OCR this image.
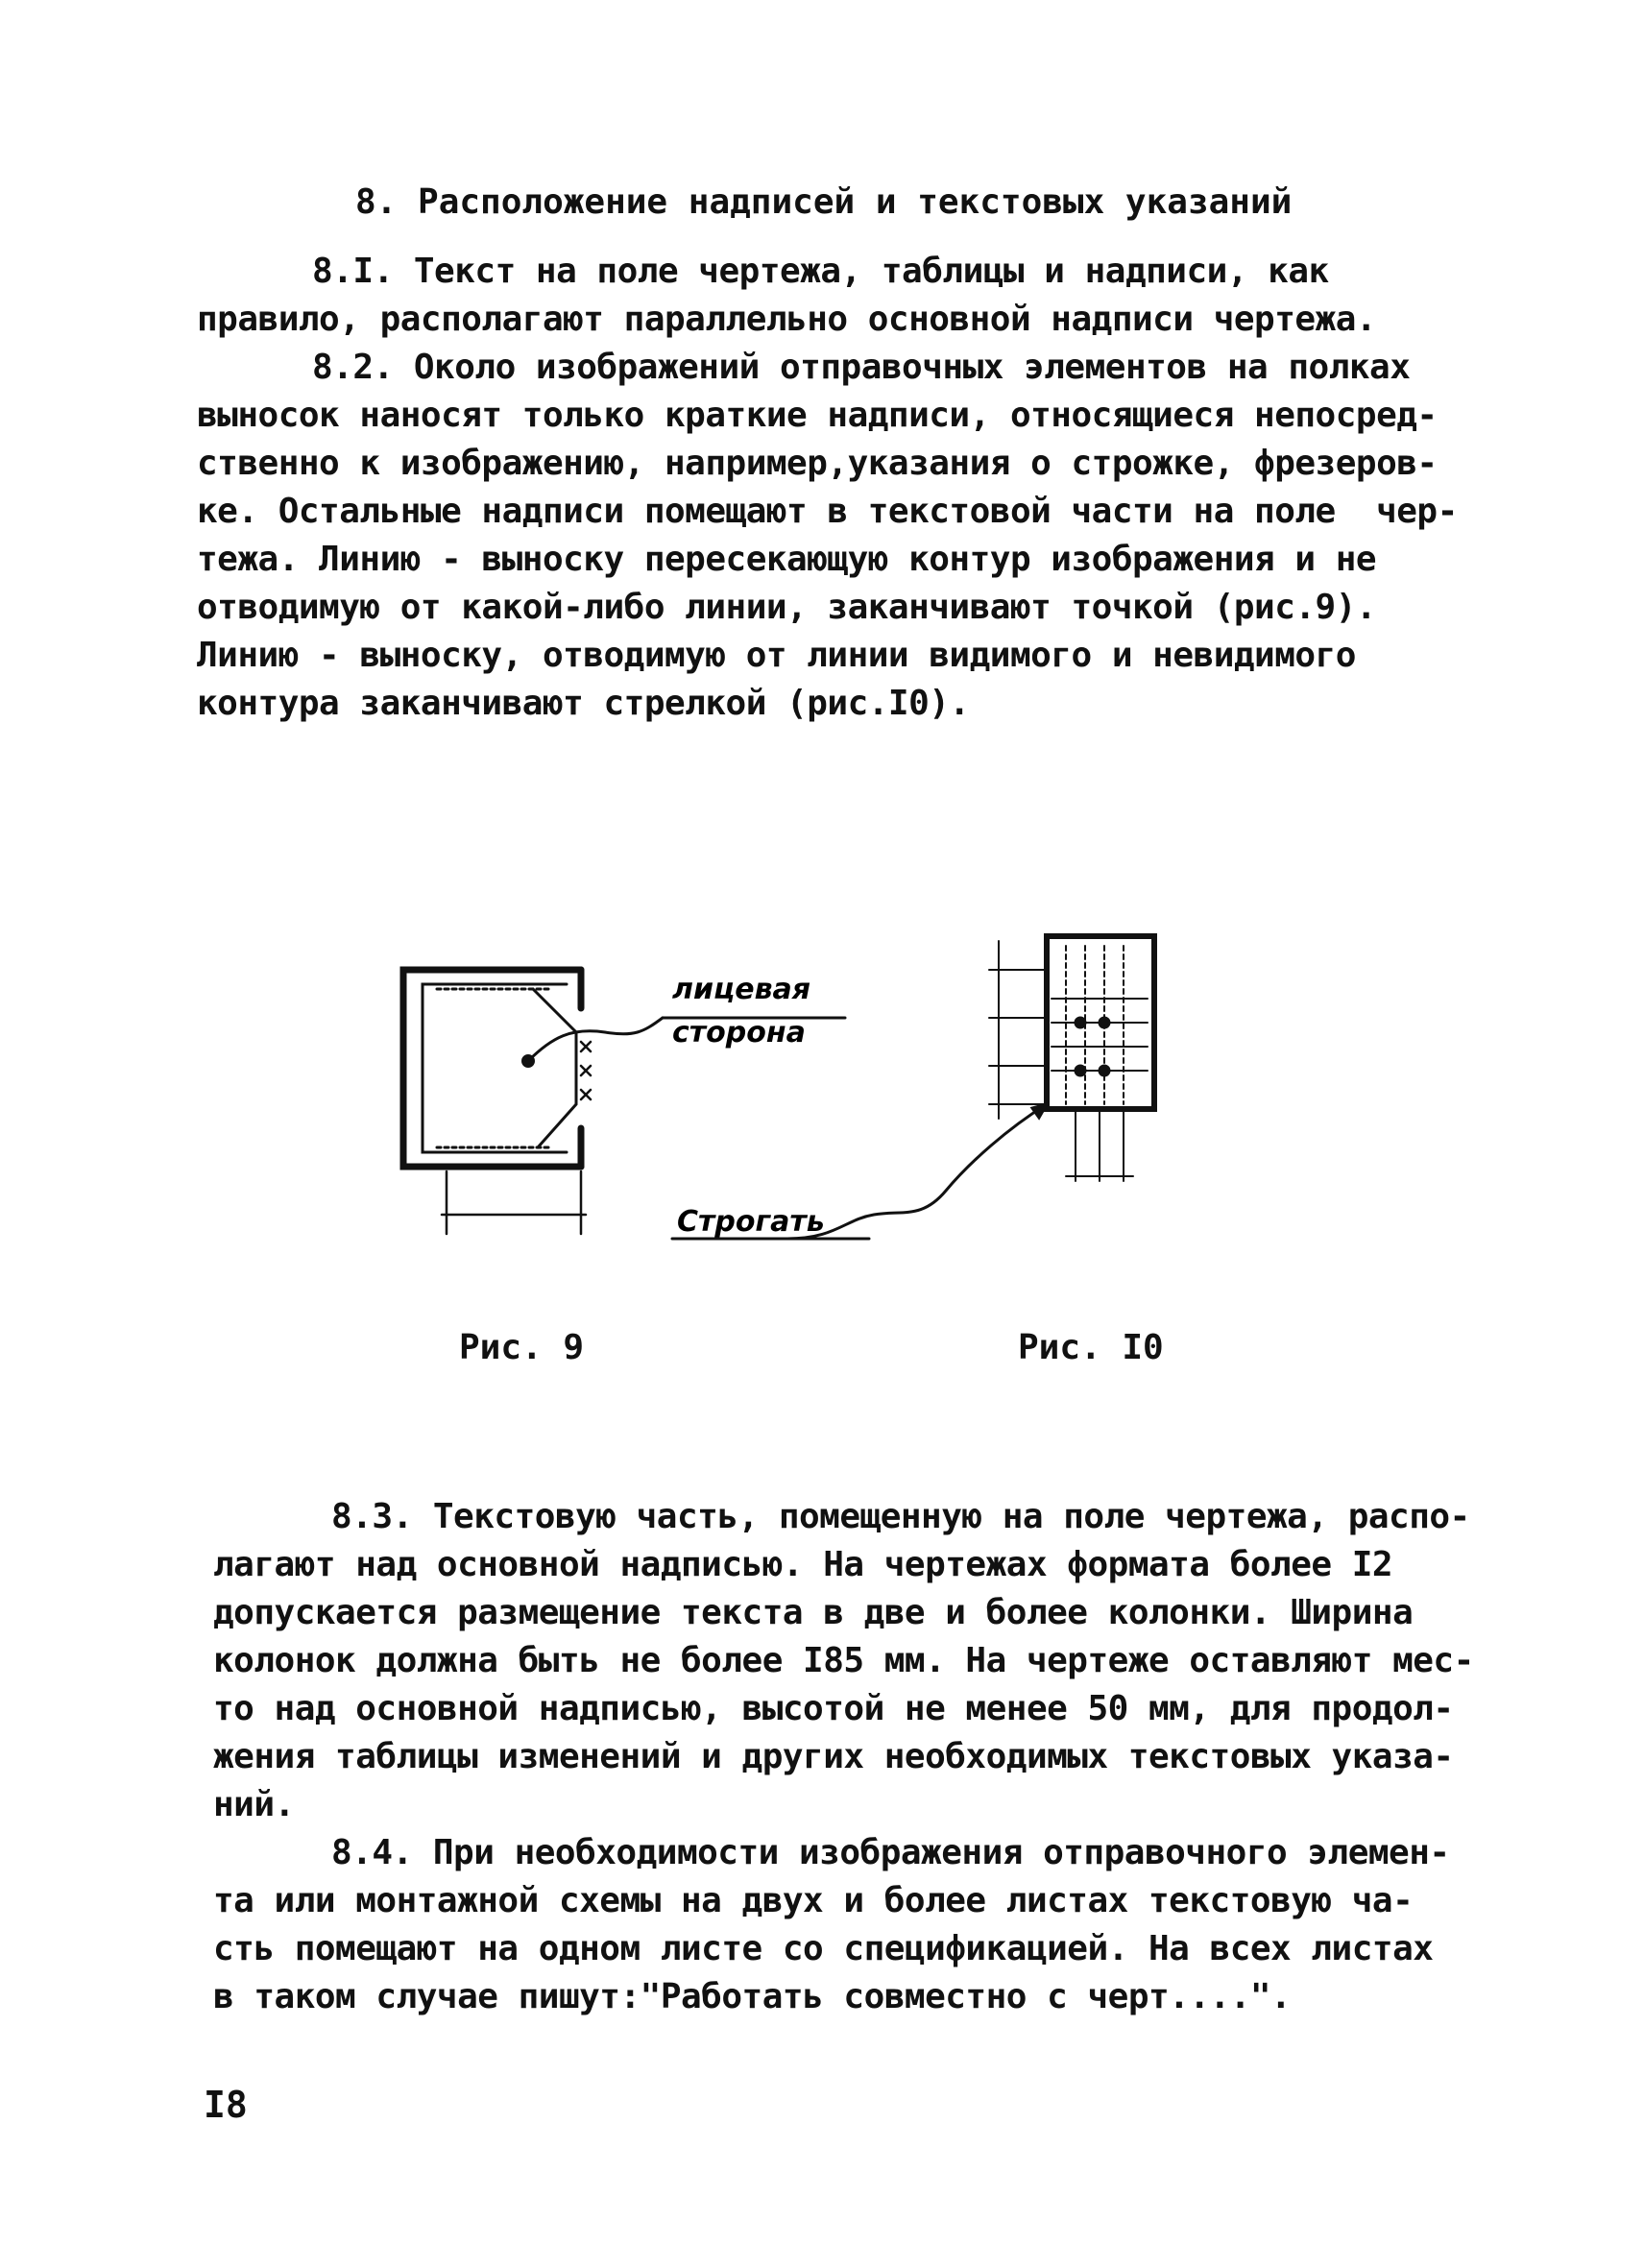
8. Расположение надписей и текстовых указаний
8.I. Текст на поле чертежа, таблицы и надписи, как
правило, располагают параллельно основной надписи чертежа.
8.2. Около изображений отправочных элементов на полках
выносок наносят только краткие надписи, относящиеся непосред-
ственно к изображению, например,указания о строжке, фрезеров-
ке. Остальные надписи помещают в текстовой части на поле  чер-
тежа. Линию - выноску пересекающую контур изображения и не
отводимую от какой-либо линии, заканчивают точкой (рис.9).
Линию - выноску, отводимую от линии видимого и невидимого
контура заканчивают стрелкой (рис.I0).
лицевая
сторона
Строгать
Рис. 9	Рис. I0
8.3. Текстовую часть, помещенную на поле чертежа, распо-
лагают над основной надписью. На чертежах формата более I2
допускается размещение текста в две и более колонки. Ширина
колонок должна быть не более I85 мм. На чертеже оставляют мес-
то над основной надписью, высотой не менее 50 мм, для продол-
жения таблицы изменений и других необходимых текстовых указа-
ний.
8.4. При необходимости изображения отправочного элемен-
та или монтажной схемы на двух и более листах текстовую ча-
сть помещают на одном листе со спецификацией. На всех листах
в таком случае пишут:"Работать совместно с черт....".
I8
